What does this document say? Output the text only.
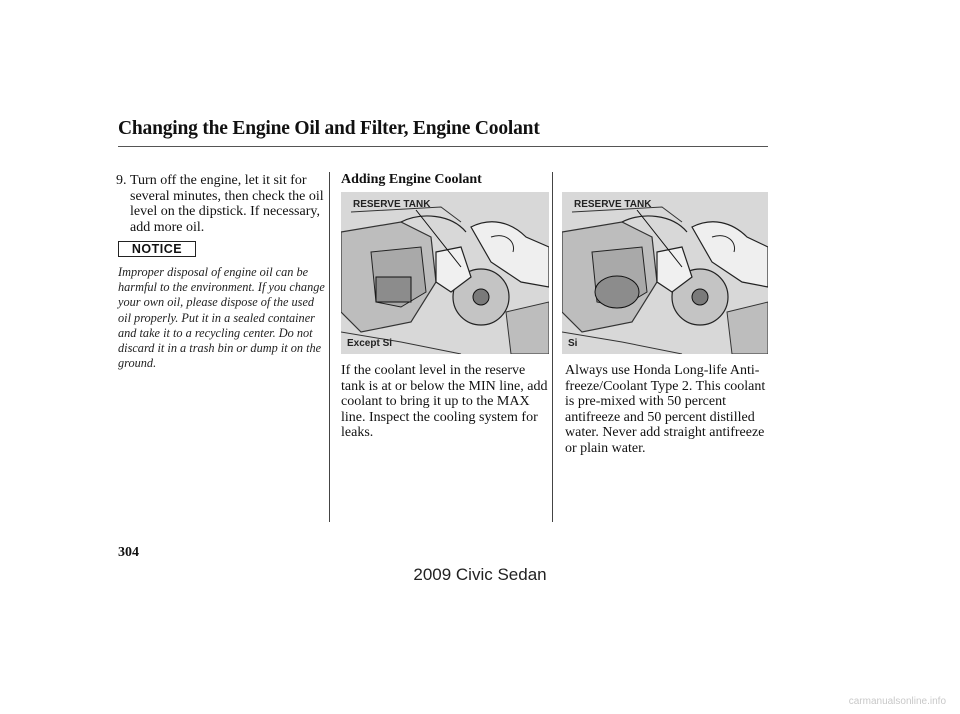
Changing the Engine Oil and Filter, Engine Coolant
9. Turn off the engine, let it sit for several minutes, then check the oil level on the dipstick. If necessary, add more oil.
NOTICE
Improper disposal of engine oil can be harmful to the environment. If you change your own oil, please dispose of the used oil properly. Put it in a sealed container and take it to a recycling center. Do not discard it in a trash bin or dump it on the ground.
Adding Engine Coolant
RESERVE TANK
Except Si
RESERVE TANK
Si
If the coolant level in the reserve tank is at or below the MIN line, add coolant to bring it up to the MAX line. Inspect the cooling system for leaks.
Always use Honda Long-life Anti-freeze/Coolant Type 2. This coolant is pre-mixed with 50 percent antifreeze and 50 percent distilled water. Never add straight antifreeze or plain water.
304
2009 Civic Sedan
carmanualsonline.info
